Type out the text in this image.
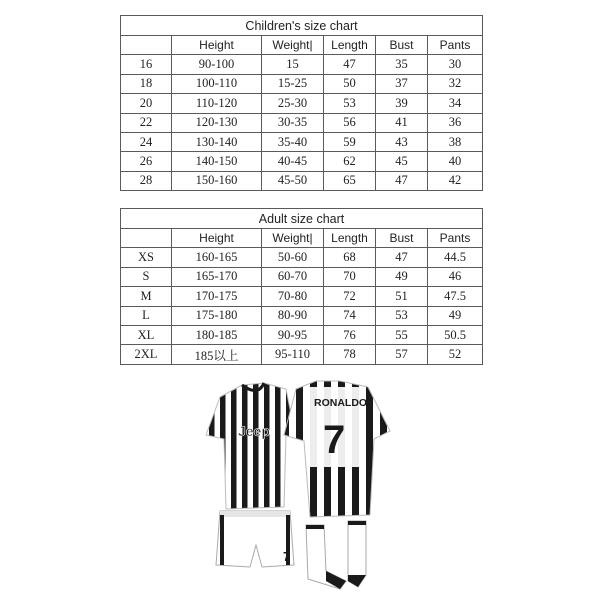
Children's size chart					
	Height	Weight|	Length	Bust	Pants
16	90-100	15	47	35	30
18	100-110	15-25	50	37	32
20	110-120	25-30	53	39	34
22	120-130	30-35	56	41	36
24	130-140	35-40	59	43	38
26	140-150	40-45	62	45	40
28	150-160	45-50	65	47	42
Adult size chart					
	Height	Weight|	Length	Bust	Pants
XS	160-165	50-60	68	47	44.5
S	165-170	60-70	70	49	46
M	170-175	70-80	72	51	47.5
L	175-180	80-90	74	53	49
XL	180-185	90-95	76	55	50.5
2XL	185以上	95-110	78	57	52
Jeep
7
RONALDO
7
